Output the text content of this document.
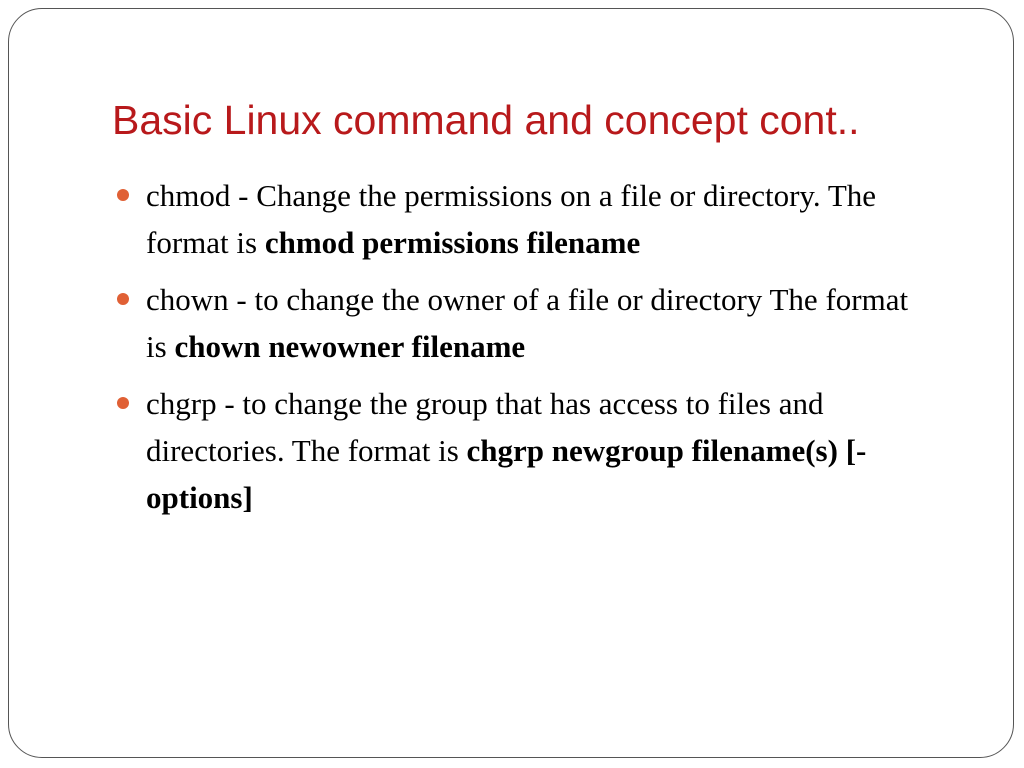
Basic Linux command and concept cont..
chmod - Change the permissions on a file or directory. The format is chmod permissions filename
chown - to change the owner of a file or directory The format is chown newowner filename
chgrp - to change the group that has access to files and directories. The format is chgrp newgroup filename(s) [-options]
